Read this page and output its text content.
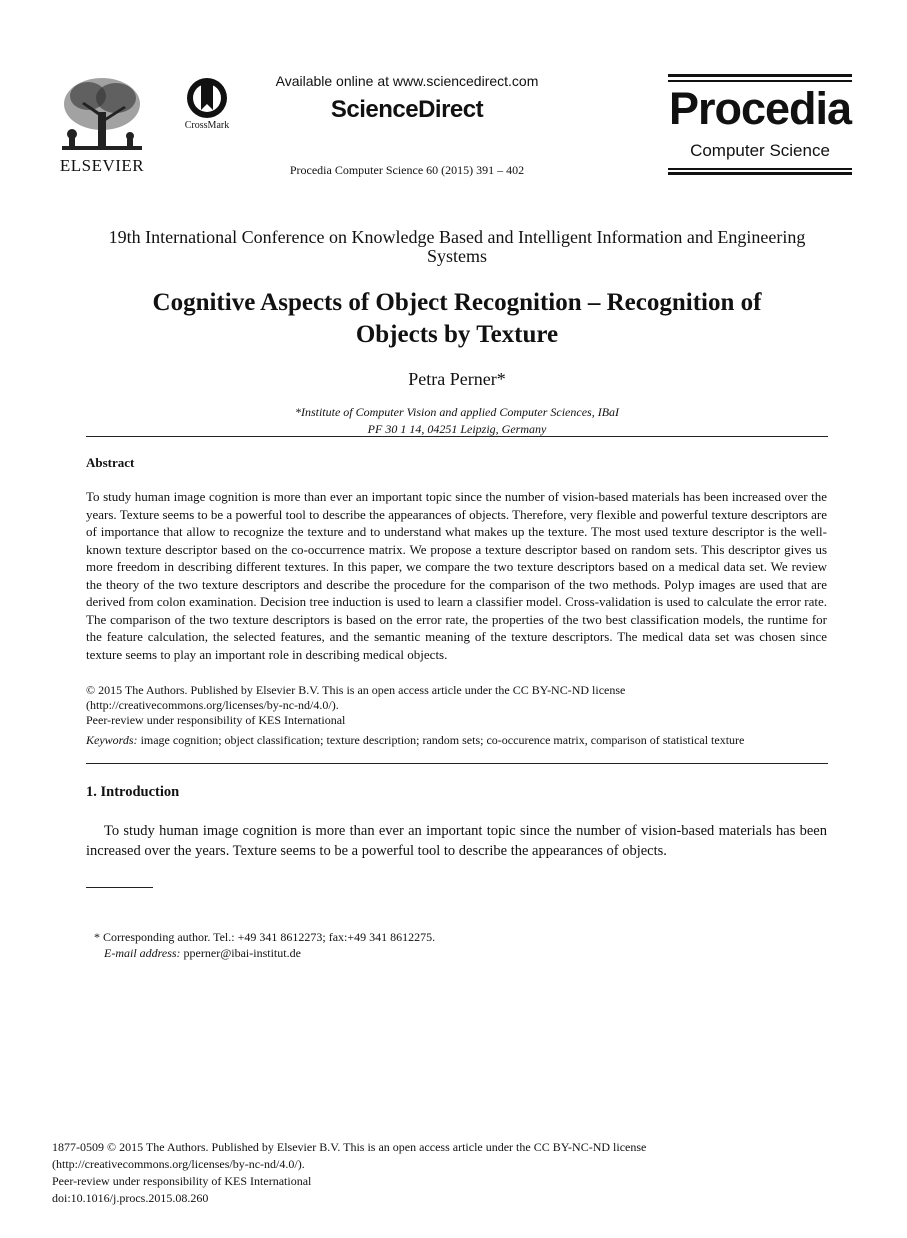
ELSEVIER
CrossMark
Available online at www.sciencedirect.com
ScienceDirect
Procedia Computer Science 60 (2015) 391 – 402
Procedia
Computer Science
19th International Conference on Knowledge Based and Intelligent Information and Engineering
Systems
Cognitive Aspects of Object Recognition – Recognition of
Objects by Texture
Petra Perner*
*Institute of Computer Vision and applied Computer Sciences, IBaI
PF 30 1 14, 04251 Leipzig, Germany
Abstract
To study human image cognition is more than ever an important topic since the number of vision-based materials has been increased over the years. Texture seems to be a powerful tool to describe the appearances of objects. Therefore, very flexible and powerful texture descriptors are of importance that allow to recognize the texture and to understand what makes up the texture. The most used texture descriptor is the well-known texture descriptor based on the co-occurrence matrix. We propose a texture descriptor based on random sets. This descriptor gives us more freedom in describing different textures. In this paper, we compare the two texture descriptors based on a medical data set. We review the theory of the two texture descriptors and describe the procedure for the comparison of the two methods. Polyp images are used that are derived from colon examination. Decision tree induction is used to learn a classifier model. Cross-validation is used to calculate the error rate. The comparison of the two texture descriptors is based on the error rate, the properties of the two best classification models, the runtime for the feature calculation, the selected features, and the semantic meaning of the texture descriptors. The medical data set was chosen since texture seems to play an important role in describing medical objects.
© 2015 The Authors. Published by Elsevier B.V. This is an open access article under the CC BY-NC-ND license
(http://creativecommons.org/licenses/by-nc-nd/4.0/).
Peer-review under responsibility of KES International
Keywords: image cognition; object classification; texture description; random sets; co-occurence matrix, comparison of statistical texture
1. Introduction
To study human image cognition is more than ever an important topic since the number of vision-based materials has been increased over the years. Texture seems to be a powerful tool to describe the appearances of objects.
* Corresponding author. Tel.: +49 341 8612273; fax:+49 341 8612275.
E-mail address: pperner@ibai-institut.de
1877-0509 © 2015 The Authors. Published by Elsevier B.V. This is an open access article under the CC BY-NC-ND license
(http://creativecommons.org/licenses/by-nc-nd/4.0/).
Peer-review under responsibility of KES International
doi:10.1016/j.procs.2015.08.260
